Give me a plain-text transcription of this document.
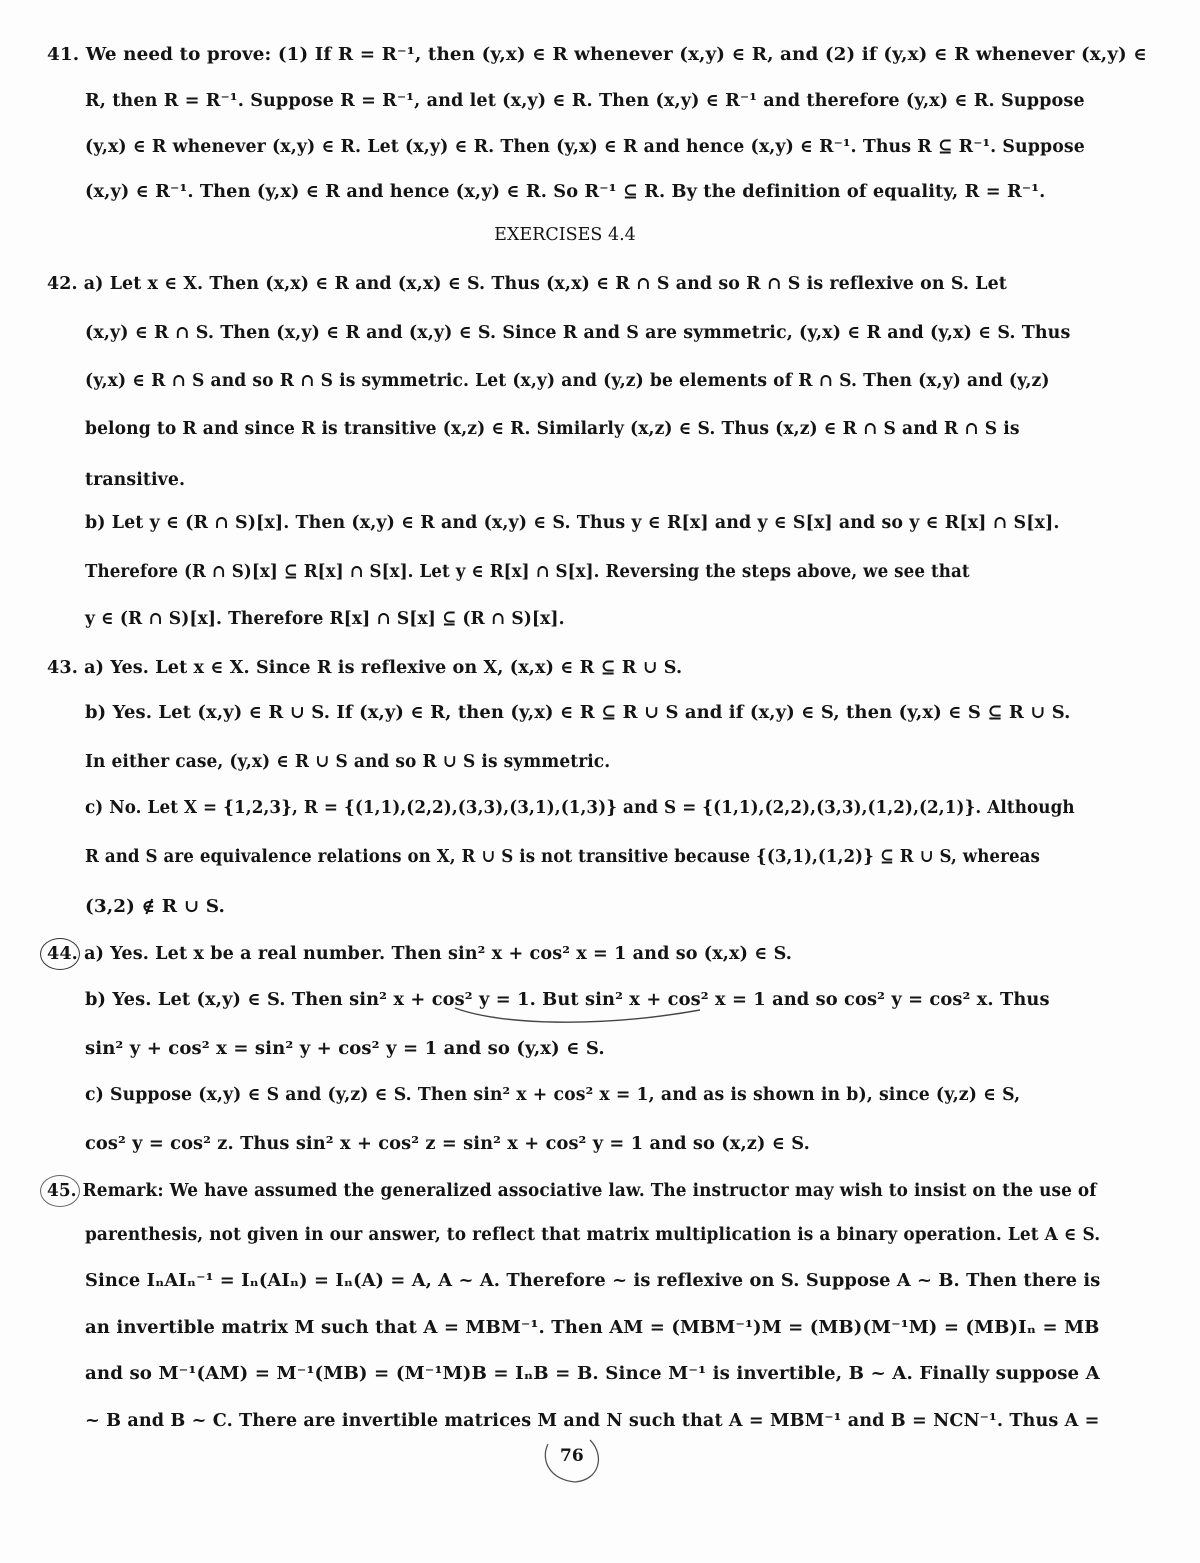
41. We need to prove: (1) If R = R⁻¹, then (y,x) ∈ R whenever (x,y) ∈ R, and (2) if (y,x) ∈ R whenever (x,y) ∈
R, then R = R⁻¹. Suppose R = R⁻¹, and let (x,y) ∈ R. Then (x,y) ∈ R⁻¹ and therefore (y,x) ∈ R. Suppose
(y,x) ∈ R whenever (x,y) ∈ R. Let (x,y) ∈ R. Then (y,x) ∈ R and hence (x,y) ∈ R⁻¹. Thus R ⊆ R⁻¹. Suppose
(x,y) ∈ R⁻¹. Then (y,x) ∈ R and hence (x,y) ∈ R. So R⁻¹ ⊆ R. By the definition of equality, R = R⁻¹.
EXERCISES 4.4
42. a) Let x ∈ X. Then (x,x) ∈ R and (x,x) ∈ S. Thus (x,x) ∈ R ∩ S and so R ∩ S is reflexive on S. Let
(x,y) ∈ R ∩ S. Then (x,y) ∈ R and (x,y) ∈ S. Since R and S are symmetric, (y,x) ∈ R and (y,x) ∈ S. Thus
(y,x) ∈ R ∩ S and so R ∩ S is symmetric. Let (x,y) and (y,z) be elements of R ∩ S. Then (x,y) and (y,z)
belong to R and since R is transitive (x,z) ∈ R. Similarly (x,z) ∈ S. Thus (x,z) ∈ R ∩ S and R ∩ S is
transitive.
b) Let y ∈ (R ∩ S)[x]. Then (x,y) ∈ R and (x,y) ∈ S. Thus y ∈ R[x] and y ∈ S[x] and so y ∈ R[x] ∩ S[x].
Therefore (R ∩ S)[x] ⊆ R[x] ∩ S[x]. Let y ∈ R[x] ∩ S[x]. Reversing the steps above, we see that
y ∈ (R ∩ S)[x]. Therefore R[x] ∩ S[x] ⊆ (R ∩ S)[x].
43. a) Yes. Let x ∈ X. Since R is reflexive on X, (x,x) ∈ R ⊆ R ∪ S.
b) Yes. Let (x,y) ∈ R ∪ S. If (x,y) ∈ R, then (y,x) ∈ R ⊆ R ∪ S and if (x,y) ∈ S, then (y,x) ∈ S ⊆ R ∪ S.
In either case, (y,x) ∈ R ∪ S and so R ∪ S is symmetric.
c) No. Let X = {1,2,3}, R = {(1,1),(2,2),(3,3),(3,1),(1,3)} and S = {(1,1),(2,2),(3,3),(1,2),(2,1)}. Although
R and S are equivalence relations on X, R ∪ S is not transitive because {(3,1),(1,2)} ⊆ R ∪ S, whereas
(3,2) ∉ R ∪ S.
44. a) Yes. Let x be a real number. Then sin² x + cos² x = 1 and so (x,x) ∈ S.
b) Yes. Let (x,y) ∈ S. Then sin² x + cos² y = 1. But sin² x + cos² x = 1 and so cos² y = cos² x. Thus
sin² y + cos² x = sin² y + cos² y = 1 and so (y,x) ∈ S.
c) Suppose (x,y) ∈ S and (y,z) ∈ S. Then sin² x + cos² x = 1, and as is shown in b), since (y,z) ∈ S,
cos² y = cos² z. Thus sin² x + cos² z = sin² x + cos² y = 1 and so (x,z) ∈ S.
45. Remark: We have assumed the generalized associative law. The instructor may wish to insist on the use of
parenthesis, not given in our answer, to reflect that matrix multiplication is a binary operation. Let A ∈ S.
Since IₙAIₙ⁻¹ = Iₙ(AIₙ) = Iₙ(A) = A, A ~ A. Therefore ~ is reflexive on S. Suppose A ~ B. Then there is
an invertible matrix M such that A = MBM⁻¹. Then AM = (MBM⁻¹)M = (MB)(M⁻¹M) = (MB)Iₙ = MB
and so M⁻¹(AM) = M⁻¹(MB) = (M⁻¹M)B = IₙB = B. Since M⁻¹ is invertible, B ~ A. Finally suppose A
~ B and B ~ C. There are invertible matrices M and N such that A = MBM⁻¹ and B = NCN⁻¹. Thus A =
76
